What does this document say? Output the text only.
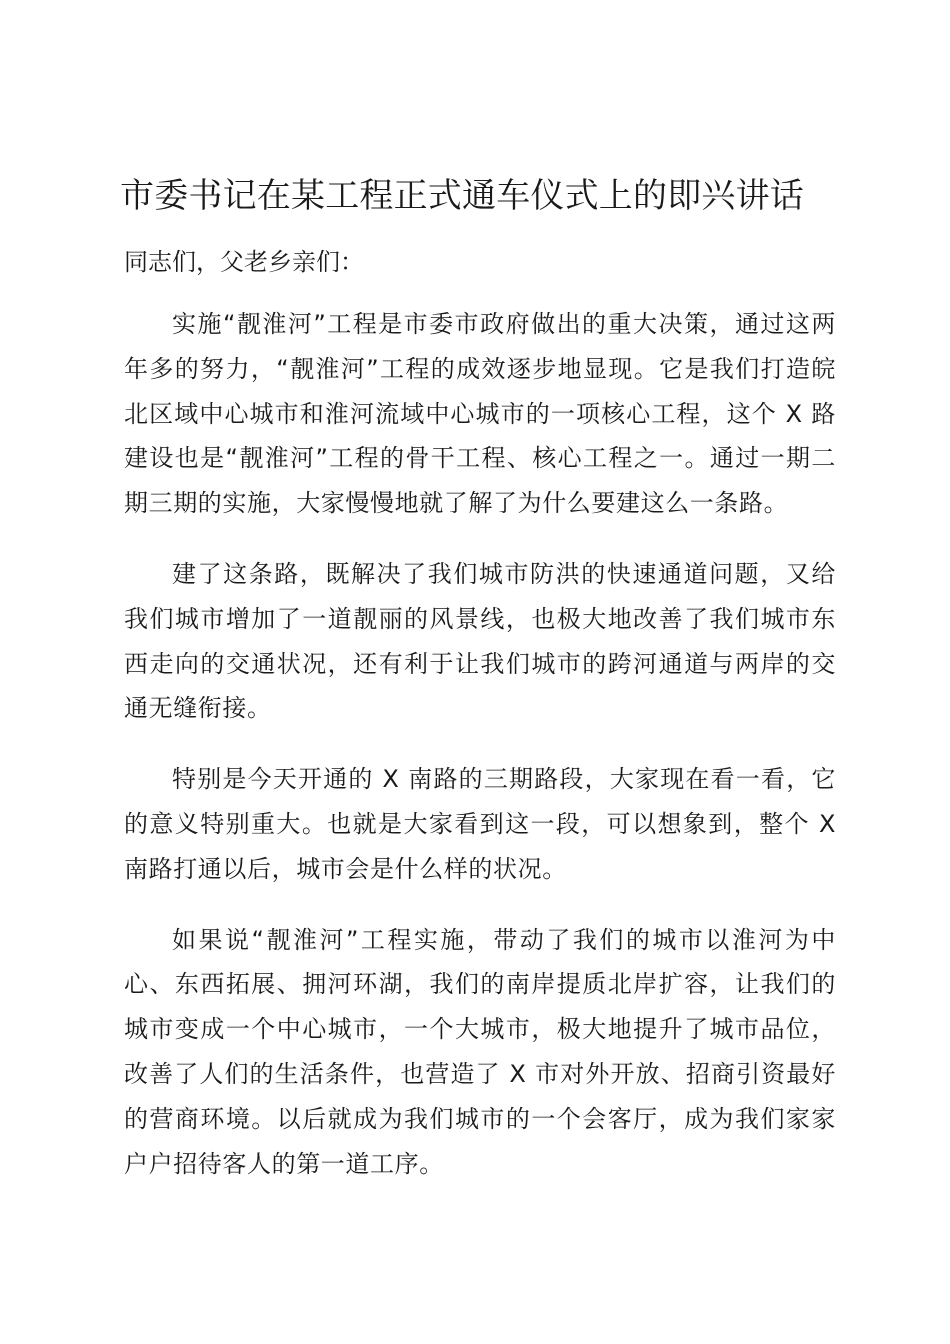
市委书记在某工程正式通车仪式上的即兴讲话
同志们，父老乡亲们：

实施“靓淮河”工程是市委市政府做出的重大决策，通过这两年多的努力，“靓淮河”工程的成效逐步地显现。它是我们打造皖北区域中心城市和淮河流域中心城市的一项核心工程，这个 X 路建设也是“靓淮河”工程的骨干工程、核心工程之一。通过一期二期三期的实施，大家慢慢地就了解了为什么要建这么一条路。

建了这条路，既解决了我们城市防洪的快速通道问题，又给我们城市增加了一道靓丽的风景线，也极大地改善了我们城市东西走向的交通状况，还有利于让我们城市的跨河通道与两岸的交通无缝衔接。

特别是今天开通的 X 南路的三期路段，大家现在看一看，它的意义特别重大。也就是大家看到这一段，可以想象到，整个 X 南路打通以后，城市会是什么样的状况。

如果说“靓淮河”工程实施，带动了我们的城市以淮河为中心、东西拓展、拥河环湖，我们的南岸提质北岸扩容，让我们的城市变成一个中心城市，一个大城市，极大地提升了城市品位，改善了人们的生活条件，也营造了 X 市对外开放、招商引资最好的营商环境。以后就成为我们城市的一个会客厅，成为我们家家户户招待客人的第一道工序。
